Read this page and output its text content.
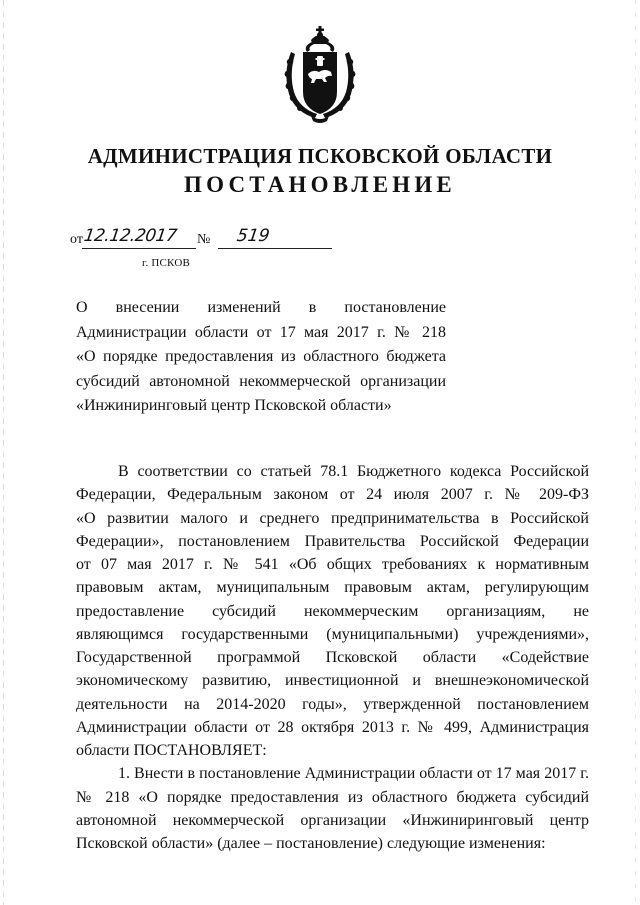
АДМИНИСТРАЦИЯ ПСКОВСКОЙ ОБЛАСТИ
ПОСТАНОВЛЕНИЕ
от 12.12.2017 № 519
г. ПСКОВ
О внесении изменений в постановление
Администрации области от 17 мая 2017 г. № 218
«О порядке предоставления из областного бюджета
субсидий автономной некоммерческой организации
«Инжиниринговый центр Псковской области»
В соответствии со статьей 78.1 Бюджетного кодекса Российской
Федерации, Федеральным законом от 24 июля 2007 г. № 209-ФЗ
«О развитии малого и среднего предпринимательства в Российской
Федерации», постановлением Правительства Российской Федерации
от 07 мая 2017 г. № 541 «Об общих требованиях к нормативным
правовым актам, муниципальным правовым актам, регулирующим
предоставление субсидий некоммерческим организациям, не
являющимся государственными (муниципальными) учреждениями»,
Государственной программой Псковской области «Содействие
экономическому развитию, инвестиционной и внешнеэкономической
деятельности на 2014-2020 годы», утвержденной постановлением
Администрации области от 28 октября 2013 г. № 499, Администрация
области ПОСТАНОВЛЯЕТ:
1. Внести в постановление Администрации области от 17 мая 2017 г.
№ 218 «О порядке предоставления из областного бюджета субсидий
автономной некоммерческой организации «Инжиниринговый центр
Псковской области» (далее – постановление) следующие изменения:
